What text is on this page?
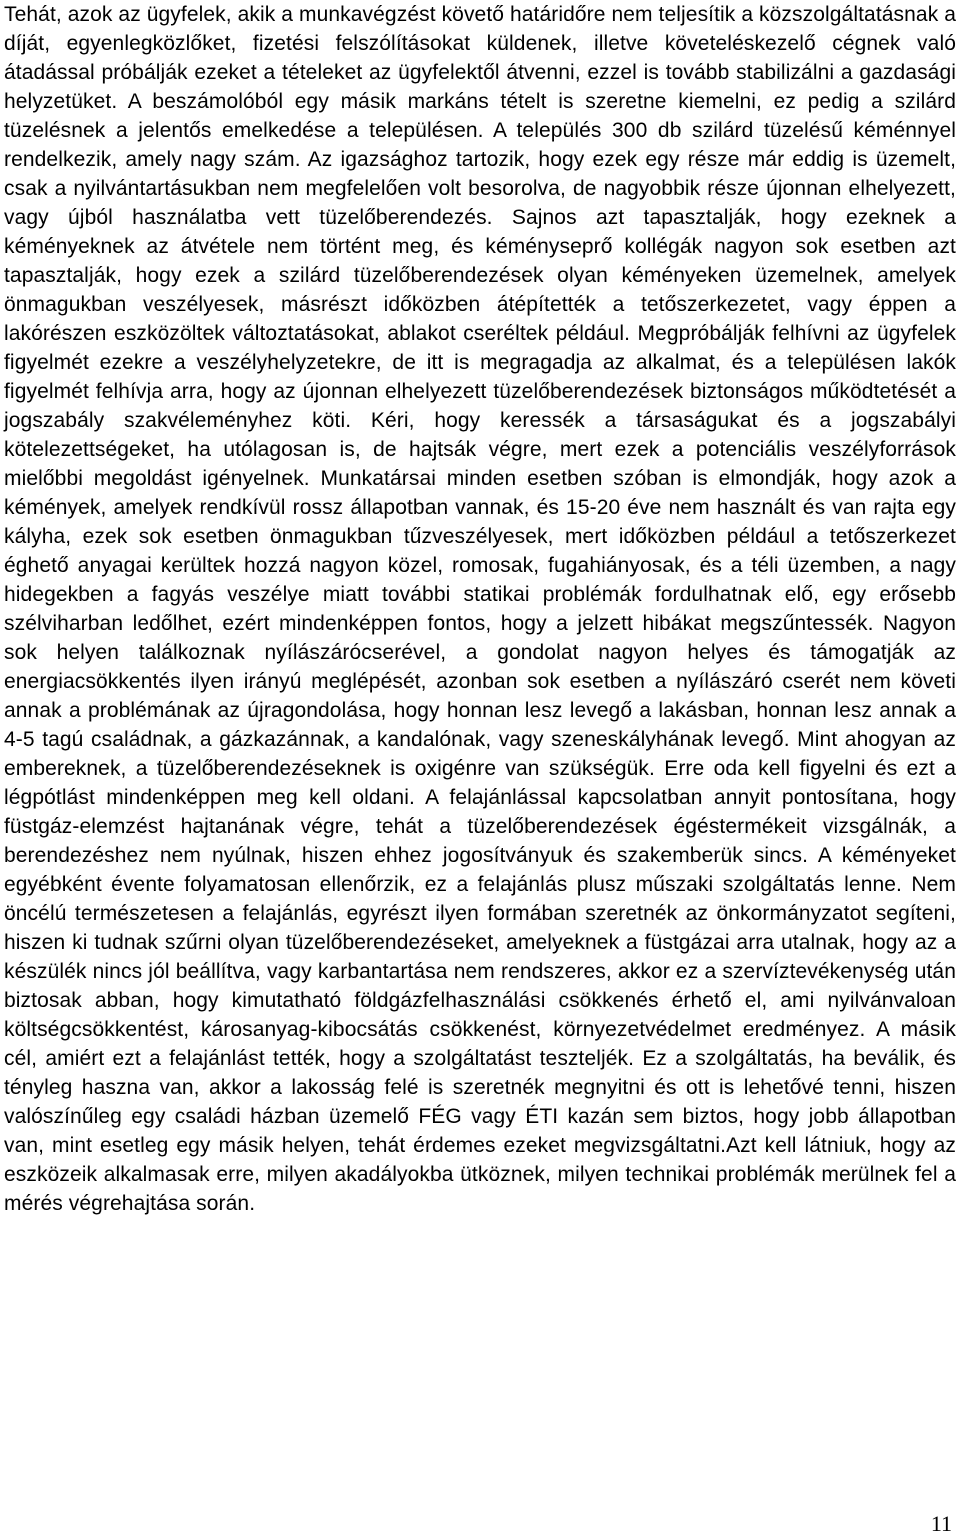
Tehát, azok az ügyfelek, akik a munkavégzést követő határidőre nem teljesítik a közszolgáltatásnak a díját, egyenlegközlőket, fizetési felszólításokat küldenek, illetve követeléskezelő cégnek való átadással próbálják ezeket a tételeket az ügyfelektől átvenni, ezzel is tovább stabilizálni a gazdasági helyzetüket. A beszámolóból egy másik markáns tételt is szeretne kiemelni, ez pedig a szilárd tüzelésnek a jelentős emelkedése a településen. A település 300 db szilárd tüzelésű kéménnyel rendelkezik, amely nagy szám. Az igazsághoz tartozik, hogy ezek egy része már eddig is üzemelt, csak a nyilvántartásukban nem megfelelően volt besorolva, de nagyobbik része újonnan elhelyezett, vagy újból használatba vett tüzelőberendezés. Sajnos azt tapasztalják, hogy ezeknek a kéményeknek az átvétele nem történt meg, és kéményseprő kollégák nagyon sok esetben azt tapasztalják, hogy ezek a szilárd tüzelőberendezések olyan kéményeken üzemelnek, amelyek önmagukban veszélyesek, másrészt időközben átépítették a tetőszerkezetet, vagy éppen a lakórészen eszközöltek változtatásokat, ablakot cseréltek például. Megpróbálják felhívni az ügyfelek figyelmét ezekre a veszélyhelyzetekre, de itt is megragadja az alkalmat, és a településen lakók figyelmét felhívja arra, hogy az újonnan elhelyezett tüzelőberendezések biztonságos működtetését a jogszabály szakvéleményhez köti. Kéri, hogy keressék a társaságukat és a jogszabályi kötelezettségeket, ha utólagosan is, de hajtsák végre, mert ezek a potenciális veszélyforrások mielőbbi megoldást igényelnek. Munkatársai minden esetben szóban is elmondják, hogy azok a kémények, amelyek rendkívül rossz állapotban vannak, és 15-20 éve nem használt és van rajta egy kályha, ezek sok esetben önmagukban tűzveszélyesek, mert időközben például a tetőszerkezet éghető anyagai kerültek hozzá nagyon közel, romosak, fugahiányosak, és a téli üzemben, a nagy hidegekben a fagyás veszélye miatt további statikai problémák fordulhatnak elő, egy erősebb szélviharban ledőlhet, ezért mindenképpen fontos, hogy a jelzett hibákat megszűntessék. Nagyon sok helyen találkoznak nyílászárócserével, a gondolat nagyon helyes és támogatják az energiacsökkentés ilyen irányú meglépését, azonban sok esetben a nyílászáró cserét nem követi annak a problémának az újragondolása, hogy honnan lesz levegő a lakásban, honnan lesz annak a 4-5 tagú családnak, a gázkazánnak, a kandalónak, vagy szeneskályhának levegő. Mint ahogyan az embereknek, a tüzelőberendezéseknek is oxigénre van szükségük. Erre oda kell figyelni és ezt a légpótlást mindenképpen meg kell oldani. A felajánlással kapcsolatban annyit pontosítana, hogy füstgáz-elemzést hajtanának végre, tehát a tüzelőberendezések égéstermékeit vizsgálnák, a berendezéshez nem nyúlnak, hiszen ehhez jogosítványuk és szakemberük sincs. A kéményeket egyébként évente folyamatosan ellenőrzik, ez a felajánlás plusz műszaki szolgáltatás lenne. Nem öncélú természetesen a felajánlás, egyrészt ilyen formában szeretnék az önkormányzatot segíteni, hiszen ki tudnak szűrni olyan tüzelőberendezéseket, amelyeknek a füstgázai arra utalnak, hogy az a készülék nincs jól beállítva, vagy karbantartása nem rendszeres, akkor ez a szervíztevékenység után biztosak abban, hogy kimutatható földgázfelhasználási csökkenés érhető el, ami nyilvánvaloan költségcsökkentést, károsanyag-kibocsátás csökkenést, környezetvédelmet eredményez. A másik cél, amiért ezt a felajánlást tették, hogy a szolgáltatást teszteljék. Ez a szolgáltatás, ha beválik, és tényleg haszna van, akkor a lakosság felé is szeretnék megnyitni és ott is lehetővé tenni, hiszen valószínűleg egy családi házban üzemelő FÉG vagy ÉTI kazán sem biztos, hogy jobb állapotban van, mint esetleg egy másik helyen, tehát érdemes ezeket megvizsgáltatni.Azt kell látniuk, hogy az eszközeik alkalmasak erre, milyen akadályokba ütköznek, milyen technikai problémák merülnek fel a mérés végrehajtása során.

11
